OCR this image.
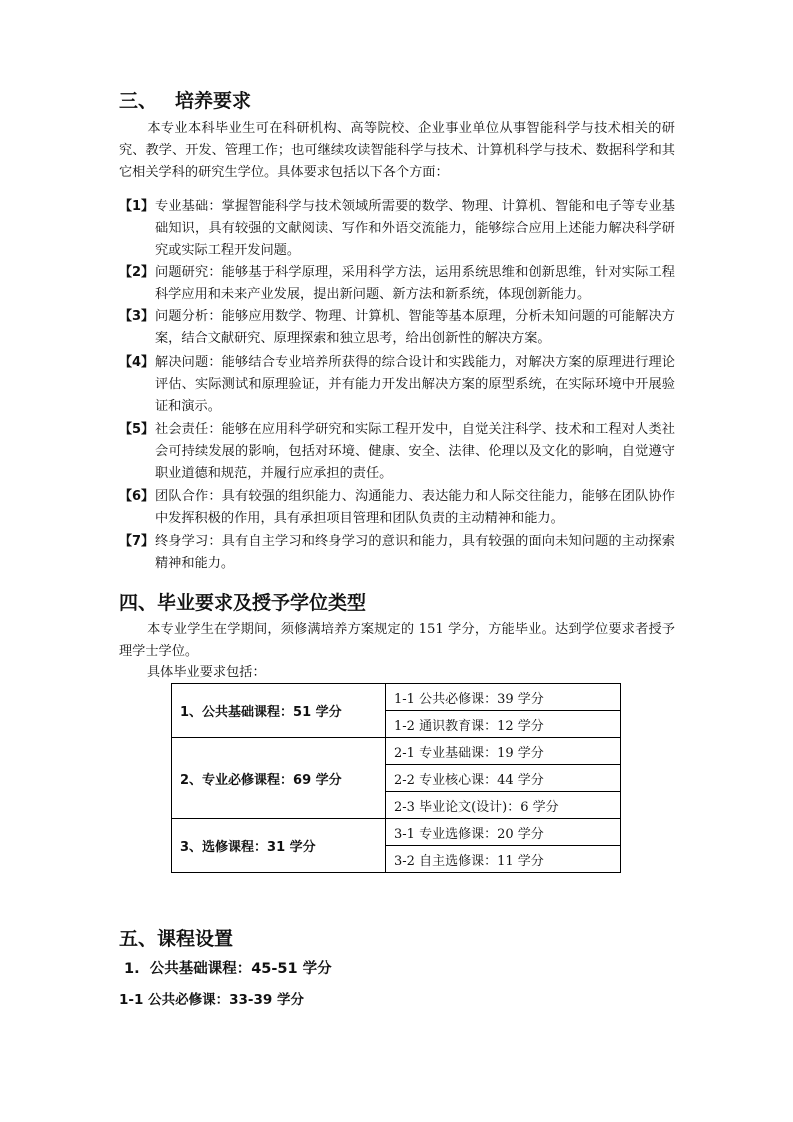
三、 培养要求
本专业本科毕业生可在科研机构、高等院校、企业事业单位从事智能科学与技术相关的研究、教学、开发、管理工作；也可继续攻读智能科学与技术、计算机科学与技术、数据科学和其它相关学科的研究生学位。具体要求包括以下各个方面：
【1】 专业基础：掌握智能科学与技术领域所需要的数学、物理、计算机、智能和电子等专业基础知识，具有较强的文献阅读、写作和外语交流能力，能够综合应用上述能力解决科学研究或实际工程开发问题。
【2】 问题研究：能够基于科学原理，采用科学方法，运用系统思维和创新思维，针对实际工程科学应用和未来产业发展，提出新问题、新方法和新系统，体现创新能力。
【3】 问题分析：能够应用数学、物理、计算机、智能等基本原理，分析未知问题的可能解决方案，结合文献研究、原理探索和独立思考，给出创新性的解决方案。
【4】 解决问题：能够结合专业培养所获得的综合设计和实践能力，对解决方案的原理进行理论评估、实际测试和原理验证，并有能力开发出解决方案的原型系统，在实际环境中开展验证和演示。
【5】 社会责任：能够在应用科学研究和实际工程开发中，自觉关注科学、技术和工程对人类社会可持续发展的影响，包括对环境、健康、安全、法律、伦理以及文化的影响，自觉遵守职业道德和规范，并履行应承担的责任。
【6】 团队合作：具有较强的组织能力、沟通能力、表达能力和人际交往能力，能够在团队协作中发挥积极的作用，具有承担项目管理和团队负责的主动精神和能力。
【7】 终身学习：具有自主学习和终身学习的意识和能力，具有较强的面向未知问题的主动探索精神和能力。
四、毕业要求及授予学位类型
本专业学生在学期间，须修满培养方案规定的 151 学分，方能毕业。达到学位要求者授予理学士学位。
具体毕业要求包括：
1、公共基础课程：51 学分	1-1 公共必修课：39 学分
	1-2 通识教育课：12 学分
2、专业必修课程：69 学分	2-1 专业基础课：19 学分
	2-2 专业核心课：44 学分
	2-3 毕业论文(设计)：6 学分
3、选修课程：31 学分	3-1 专业选修课：20 学分
	3-2 自主选修课：11 学分
五、课程设置
1.  公共基础课程：45-51 学分
1-1 公共必修课：33-39 学分
